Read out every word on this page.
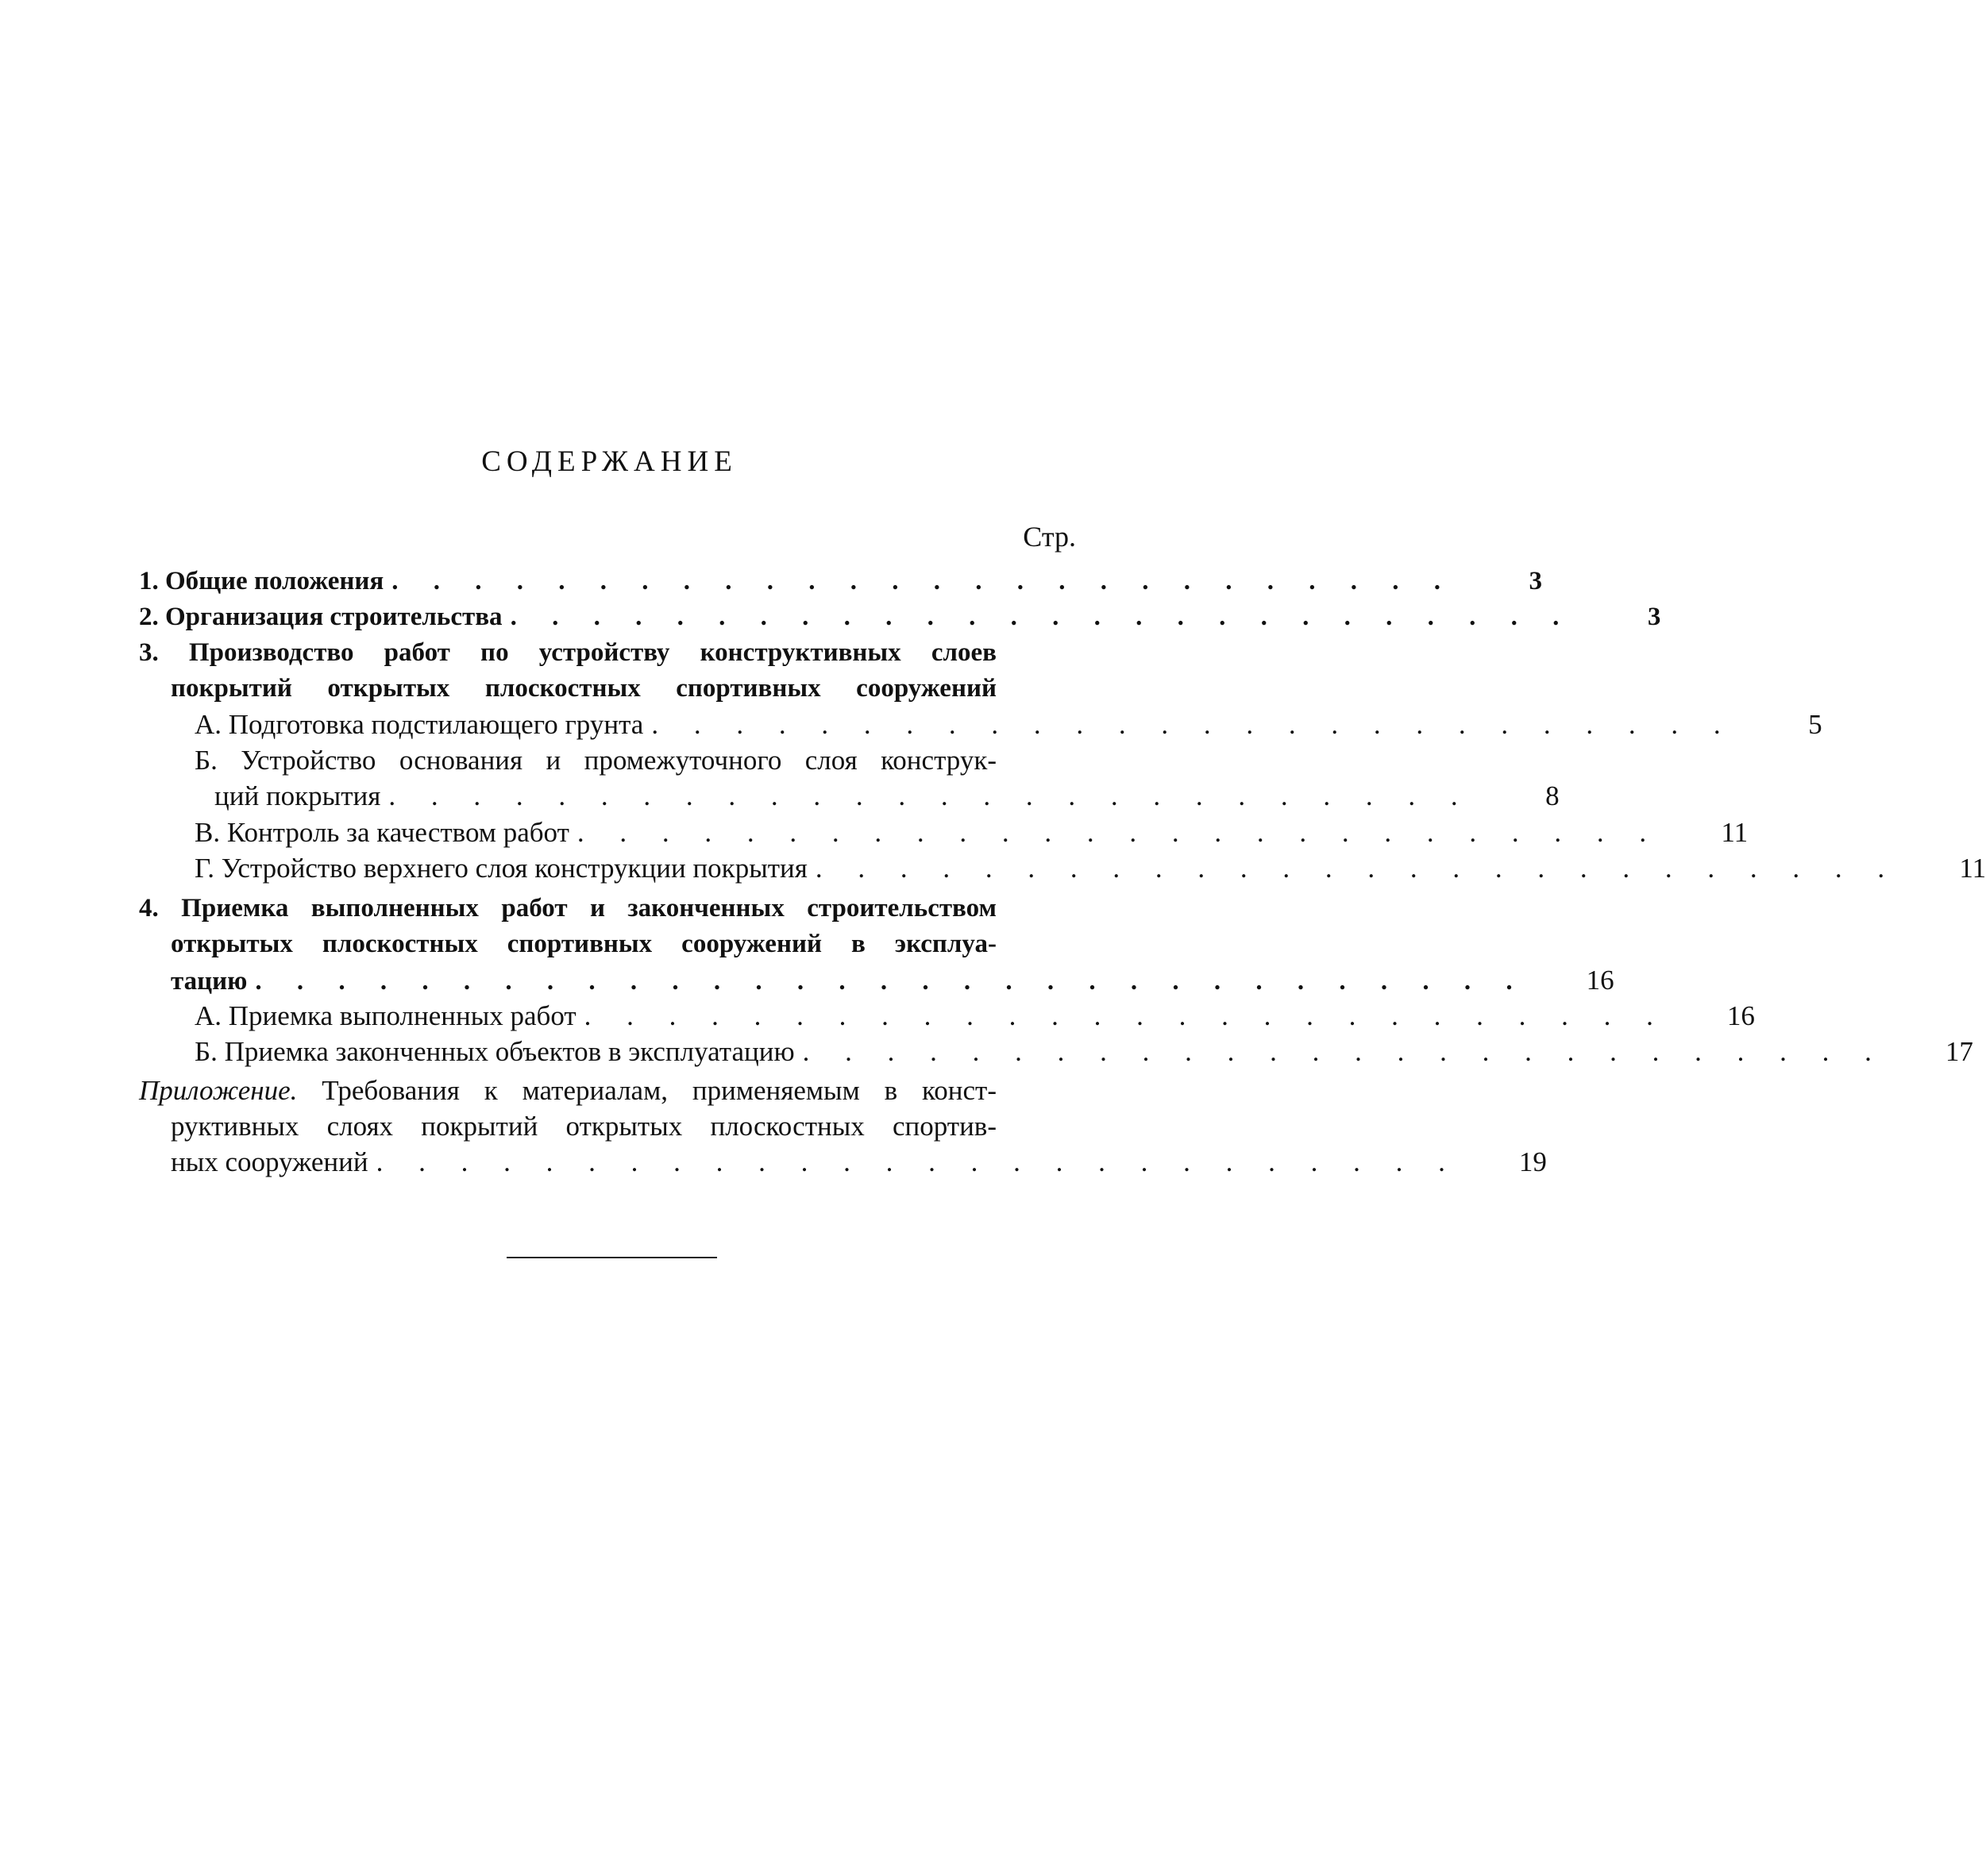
СОДЕРЖАНИЕ
Стр.
1. Общие положения . . . . . . . . . . . . . . . . . . . . . . . . . .	3
2. Организация строительства . . . . . . . . . . . . . . . . . . . . . . . . . .	3
3. Производство работ по устройству конструктивных слоев
покрытий открытых плоскостных спортивных сооружений
А. Подготовка подстилающего грунта . . . . . . . . . . . . . . . . . . . . . . . . . .	5
Б. Устройство основания и промежуточного слоя конструк-
ций покрытия . . . . . . . . . . . . . . . . . . . . . . . . . .	8
В. Контроль за качеством работ . . . . . . . . . . . . . . . . . . . . . . . . . .	11
Г. Устройство верхнего слоя конструкции покрытия . . . . . . . . . . . . . . . . . . . . . . . . . .	11
4. Приемка выполненных работ и законченных строительством
открытых плоскостных спортивных сооружений в эксплуа-
тацию . . . . . . . . . . . . . . . . . . . . . . . . . . . . . . .	16
А. Приемка выполненных работ . . . . . . . . . . . . . . . . . . . . . . . . . .	16
Б. Приемка законченных объектов в эксплуатацию . . . . . . . . . . . . . . . . . . . . . . . . . .	17
Приложение. Требования к материалам, применяемым в конст-
руктивных слоях покрытий открытых плоскостных спортив-
ных сооружений . . . . . . . . . . . . . . . . . . . . . . . . . .	19
